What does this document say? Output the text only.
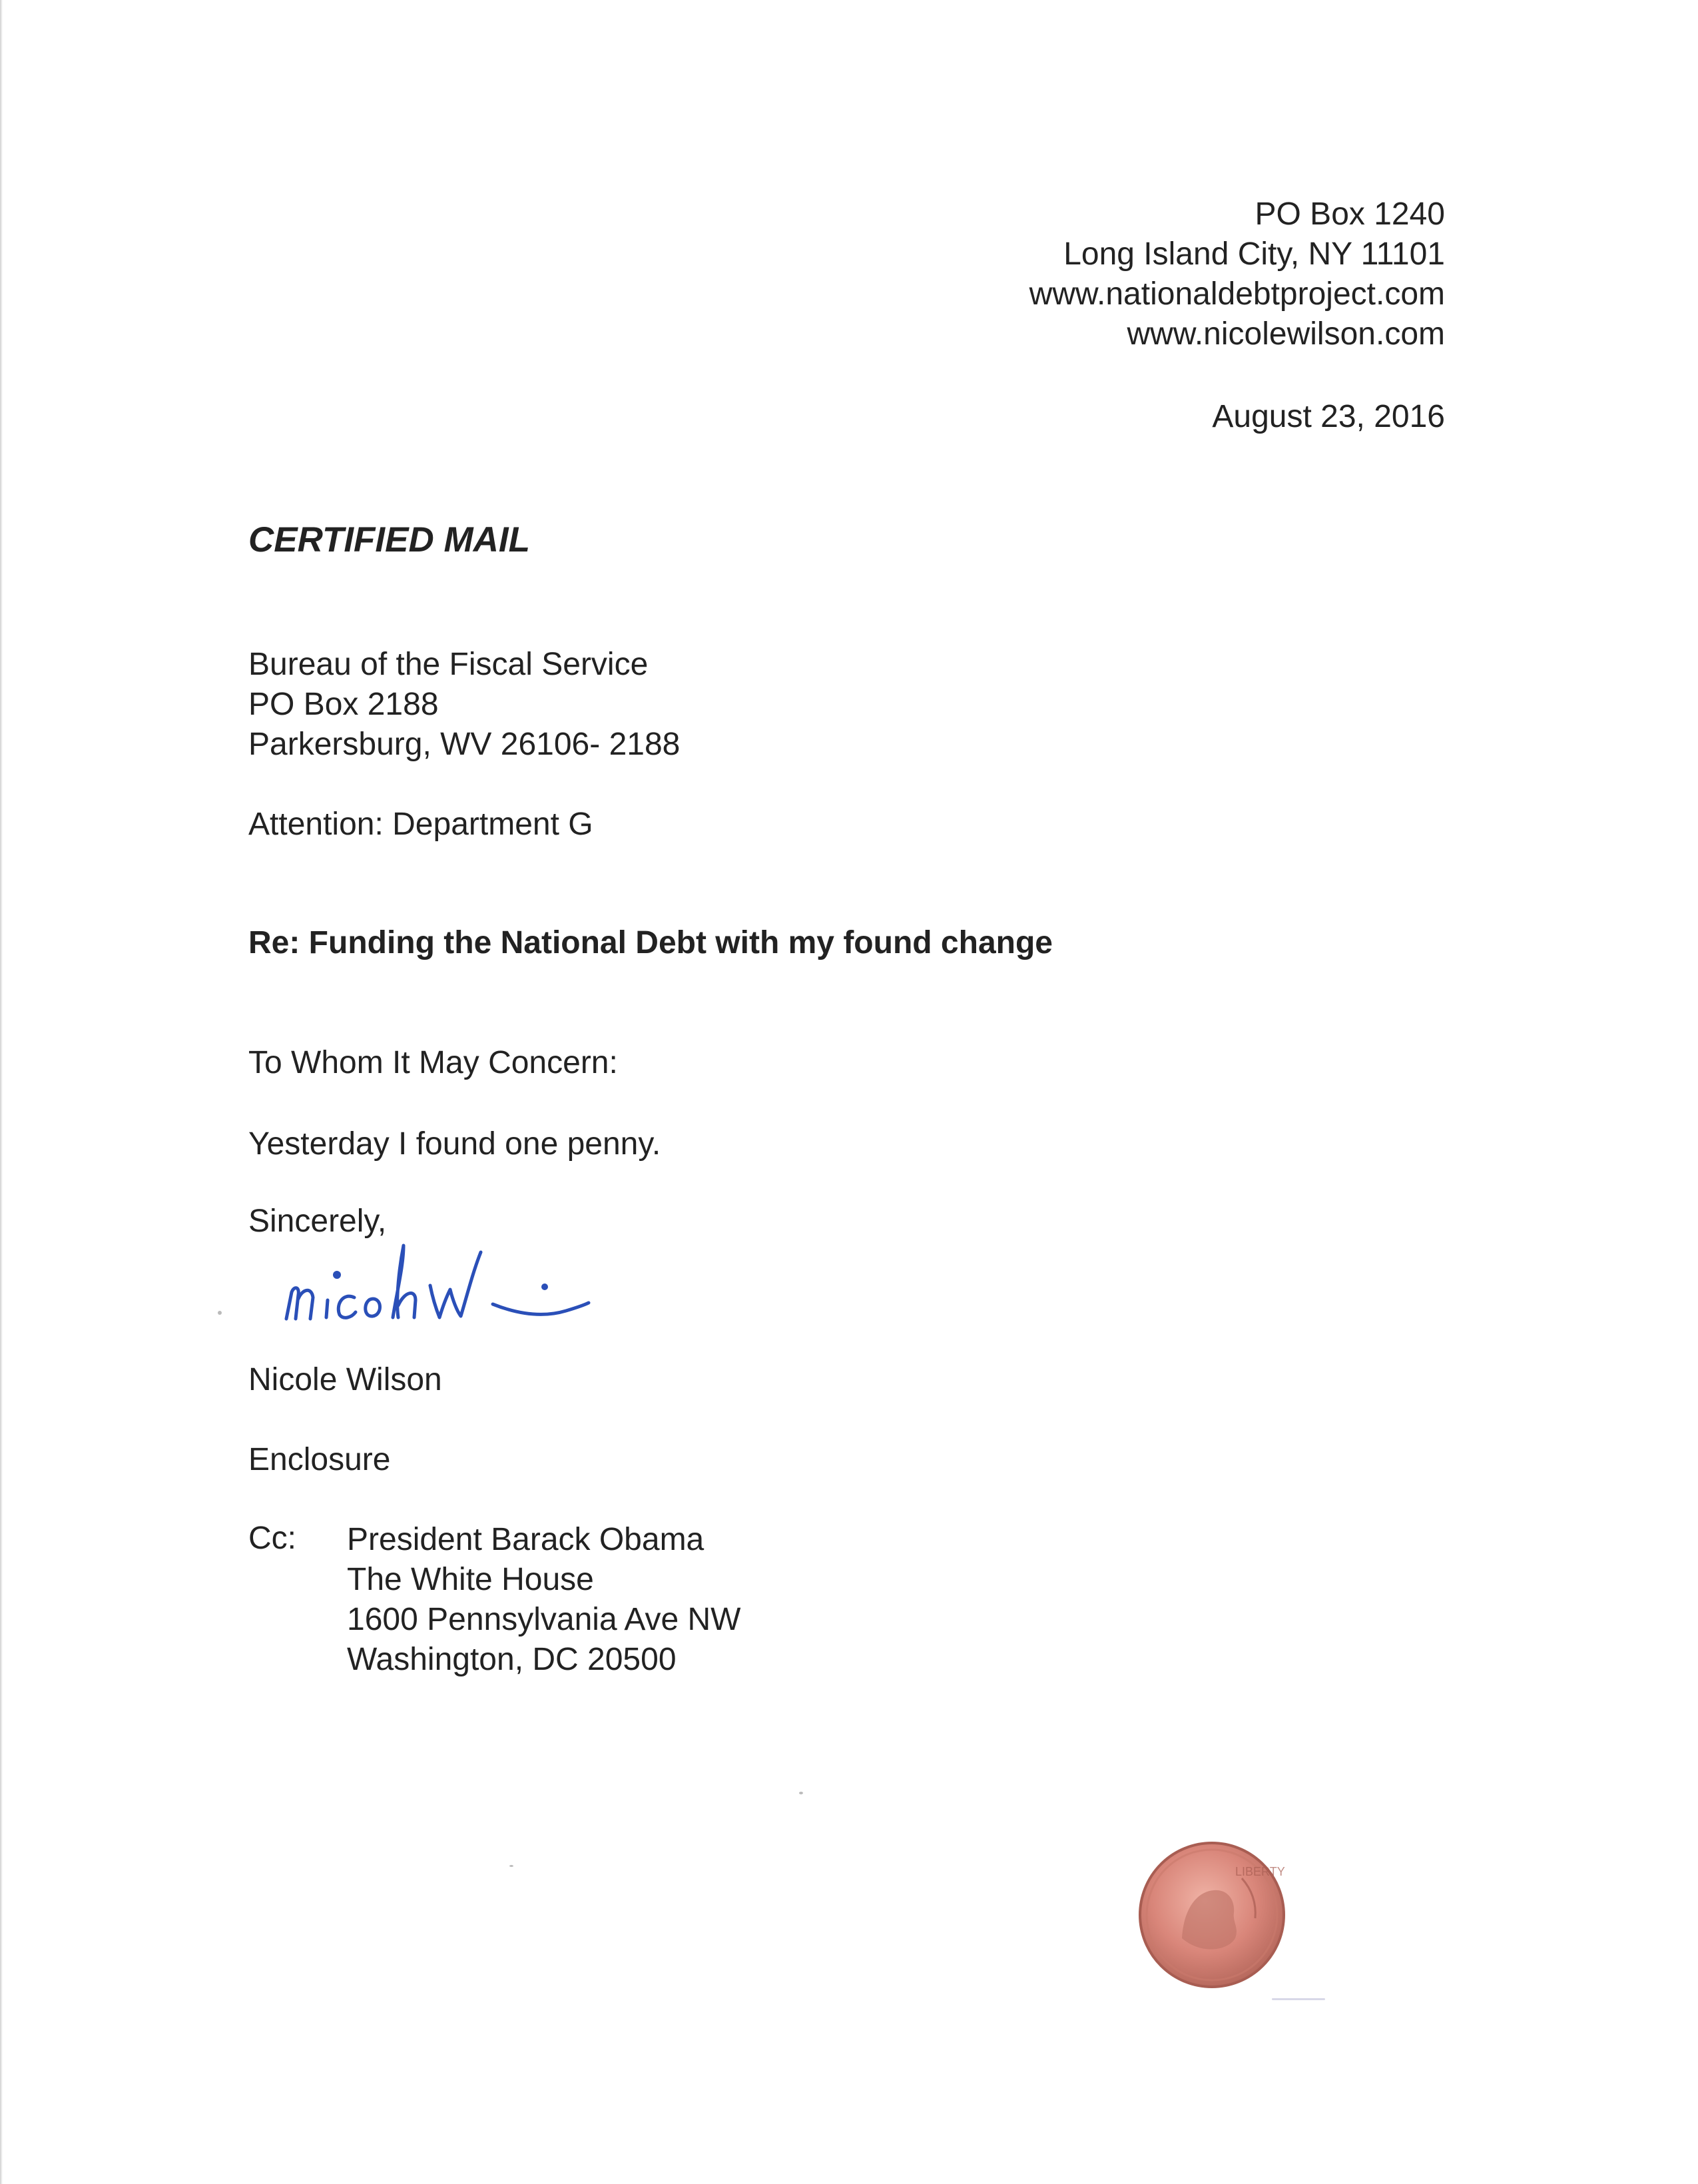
PO Box 1240
Long Island City, NY 11101
www.nationaldebtproject.com
www.nicolewilson.com
August 23, 2016
CERTIFIED MAIL
Bureau of the Fiscal Service
PO Box 2188
Parkersburg, WV 26106- 2188
Attention: Department G
Re: Funding the National Debt with my found change
To Whom It May Concern:
Yesterday I found one penny.
Sincerely,
Nicole Wilson
Enclosure
Cc: President Barack Obama
The White House
1600 Pennsylvania Ave NW
Washington, DC 20500
LIBERTY
